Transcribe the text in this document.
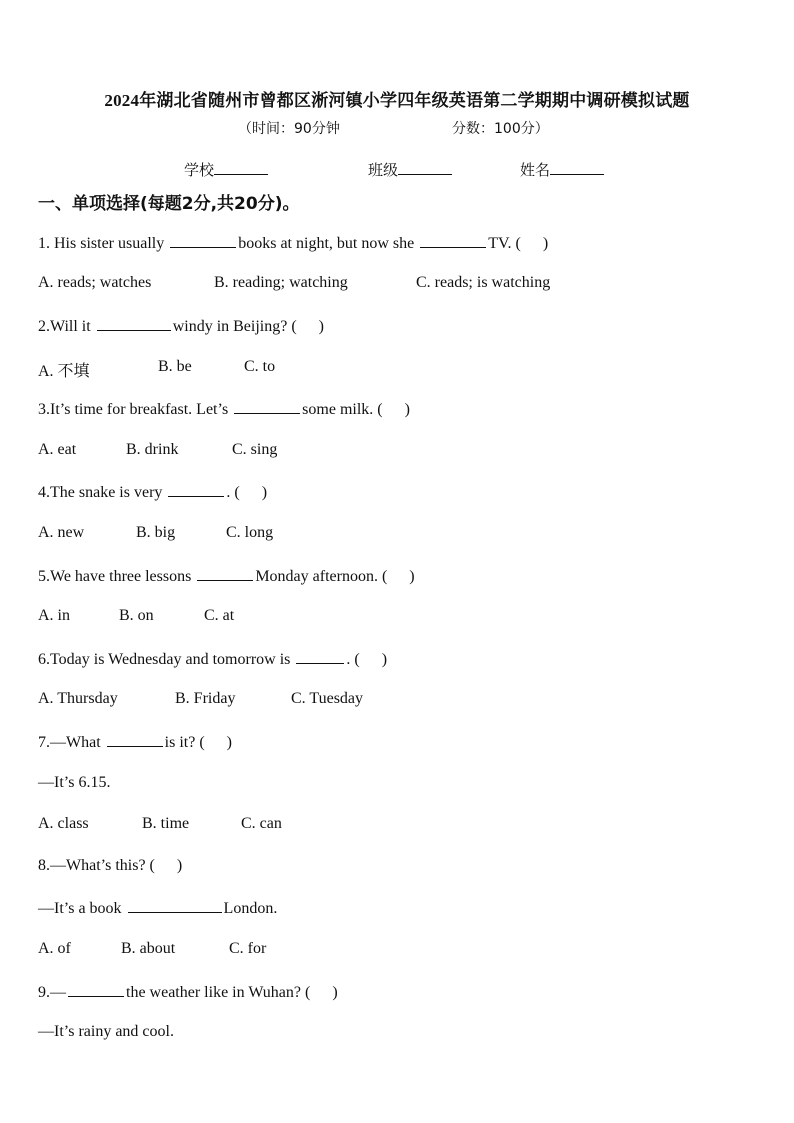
2024年湖北省随州市曾都区淅河镇小学四年级英语第二学期期中调研模拟试题
（时间：90分钟	分数：100分）
学校	班级	姓名
一、单项选择(每题2分,共20分)。
1. His sister usually	books at night, but now she	TV. ( )
A. reads; watches	B. reading; watching	C. reads; is watching
2.Will it	windy in Beijing? ( )
A. 不填	B. be	C. to
3.It’s time for breakfast. Let’s	some milk. ( )
A. eat	B. drink	C. sing
4.The snake is very	. ( )
A. new	B. big	C. long
5.We have three lessons	Monday afternoon. ( )
A. in	B. on	C. at
6.Today is Wednesday and tomorrow is	. ( )
A. Thursday	B. Friday	C. Tuesday
7.—What	is it? ( )
—It’s 6.15.
A. class	B. time	C. can
8.—What’s this? ( )
—It’s a book	London.
A. of	B. about	C. for
9.—	the weather like in Wuhan? ( )
—It’s rainy and cool.
